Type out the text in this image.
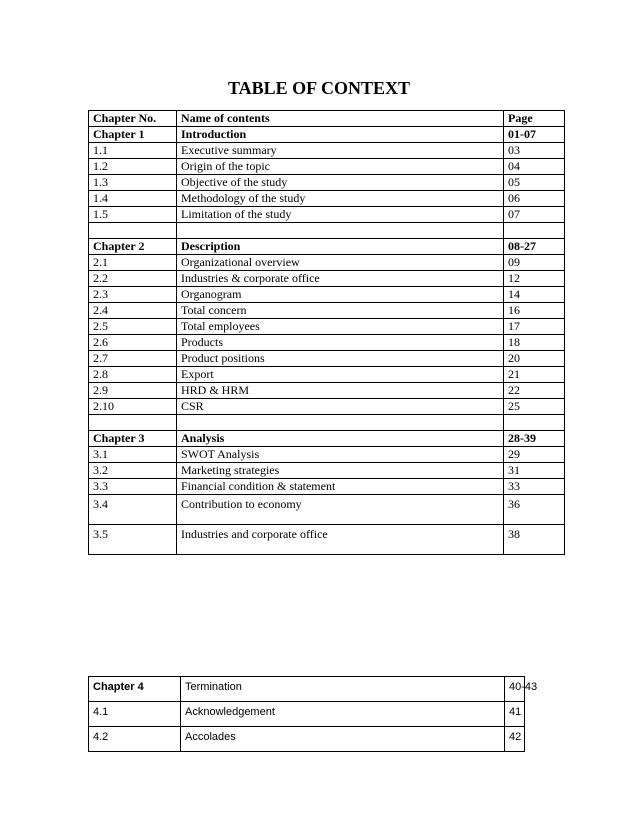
TABLE OF CONTEXT
Chapter No.	Name of contents	Page
Chapter 1	Introduction	01-07
1.1	Executive summary	03
1.2	Origin of the topic	04
1.3	Objective of the study	05
1.4	Methodology of the study	06
1.5	Limitation of the study	07

Chapter 2	Description	08-27
2.1	Organizational overview	09
2.2	Industries & corporate office	12
2.3	Organogram	14
2.4	Total concern	16
2.5	Total employees	17
2.6	Products	18
2.7	Product positions	20
2.8	Export	21
2.9	HRD & HRM	22
2.10	CSR	25

Chapter 3	Analysis	28-39
3.1	SWOT Analysis	29
3.2	Marketing strategies	31
3.3	Financial condition & statement	33
3.4	Contribution to economy	36
3.5	Industries and corporate office	38
Chapter 4	Termination	40-43
4.1	Acknowledgement	41
4.2	Accolades	42
